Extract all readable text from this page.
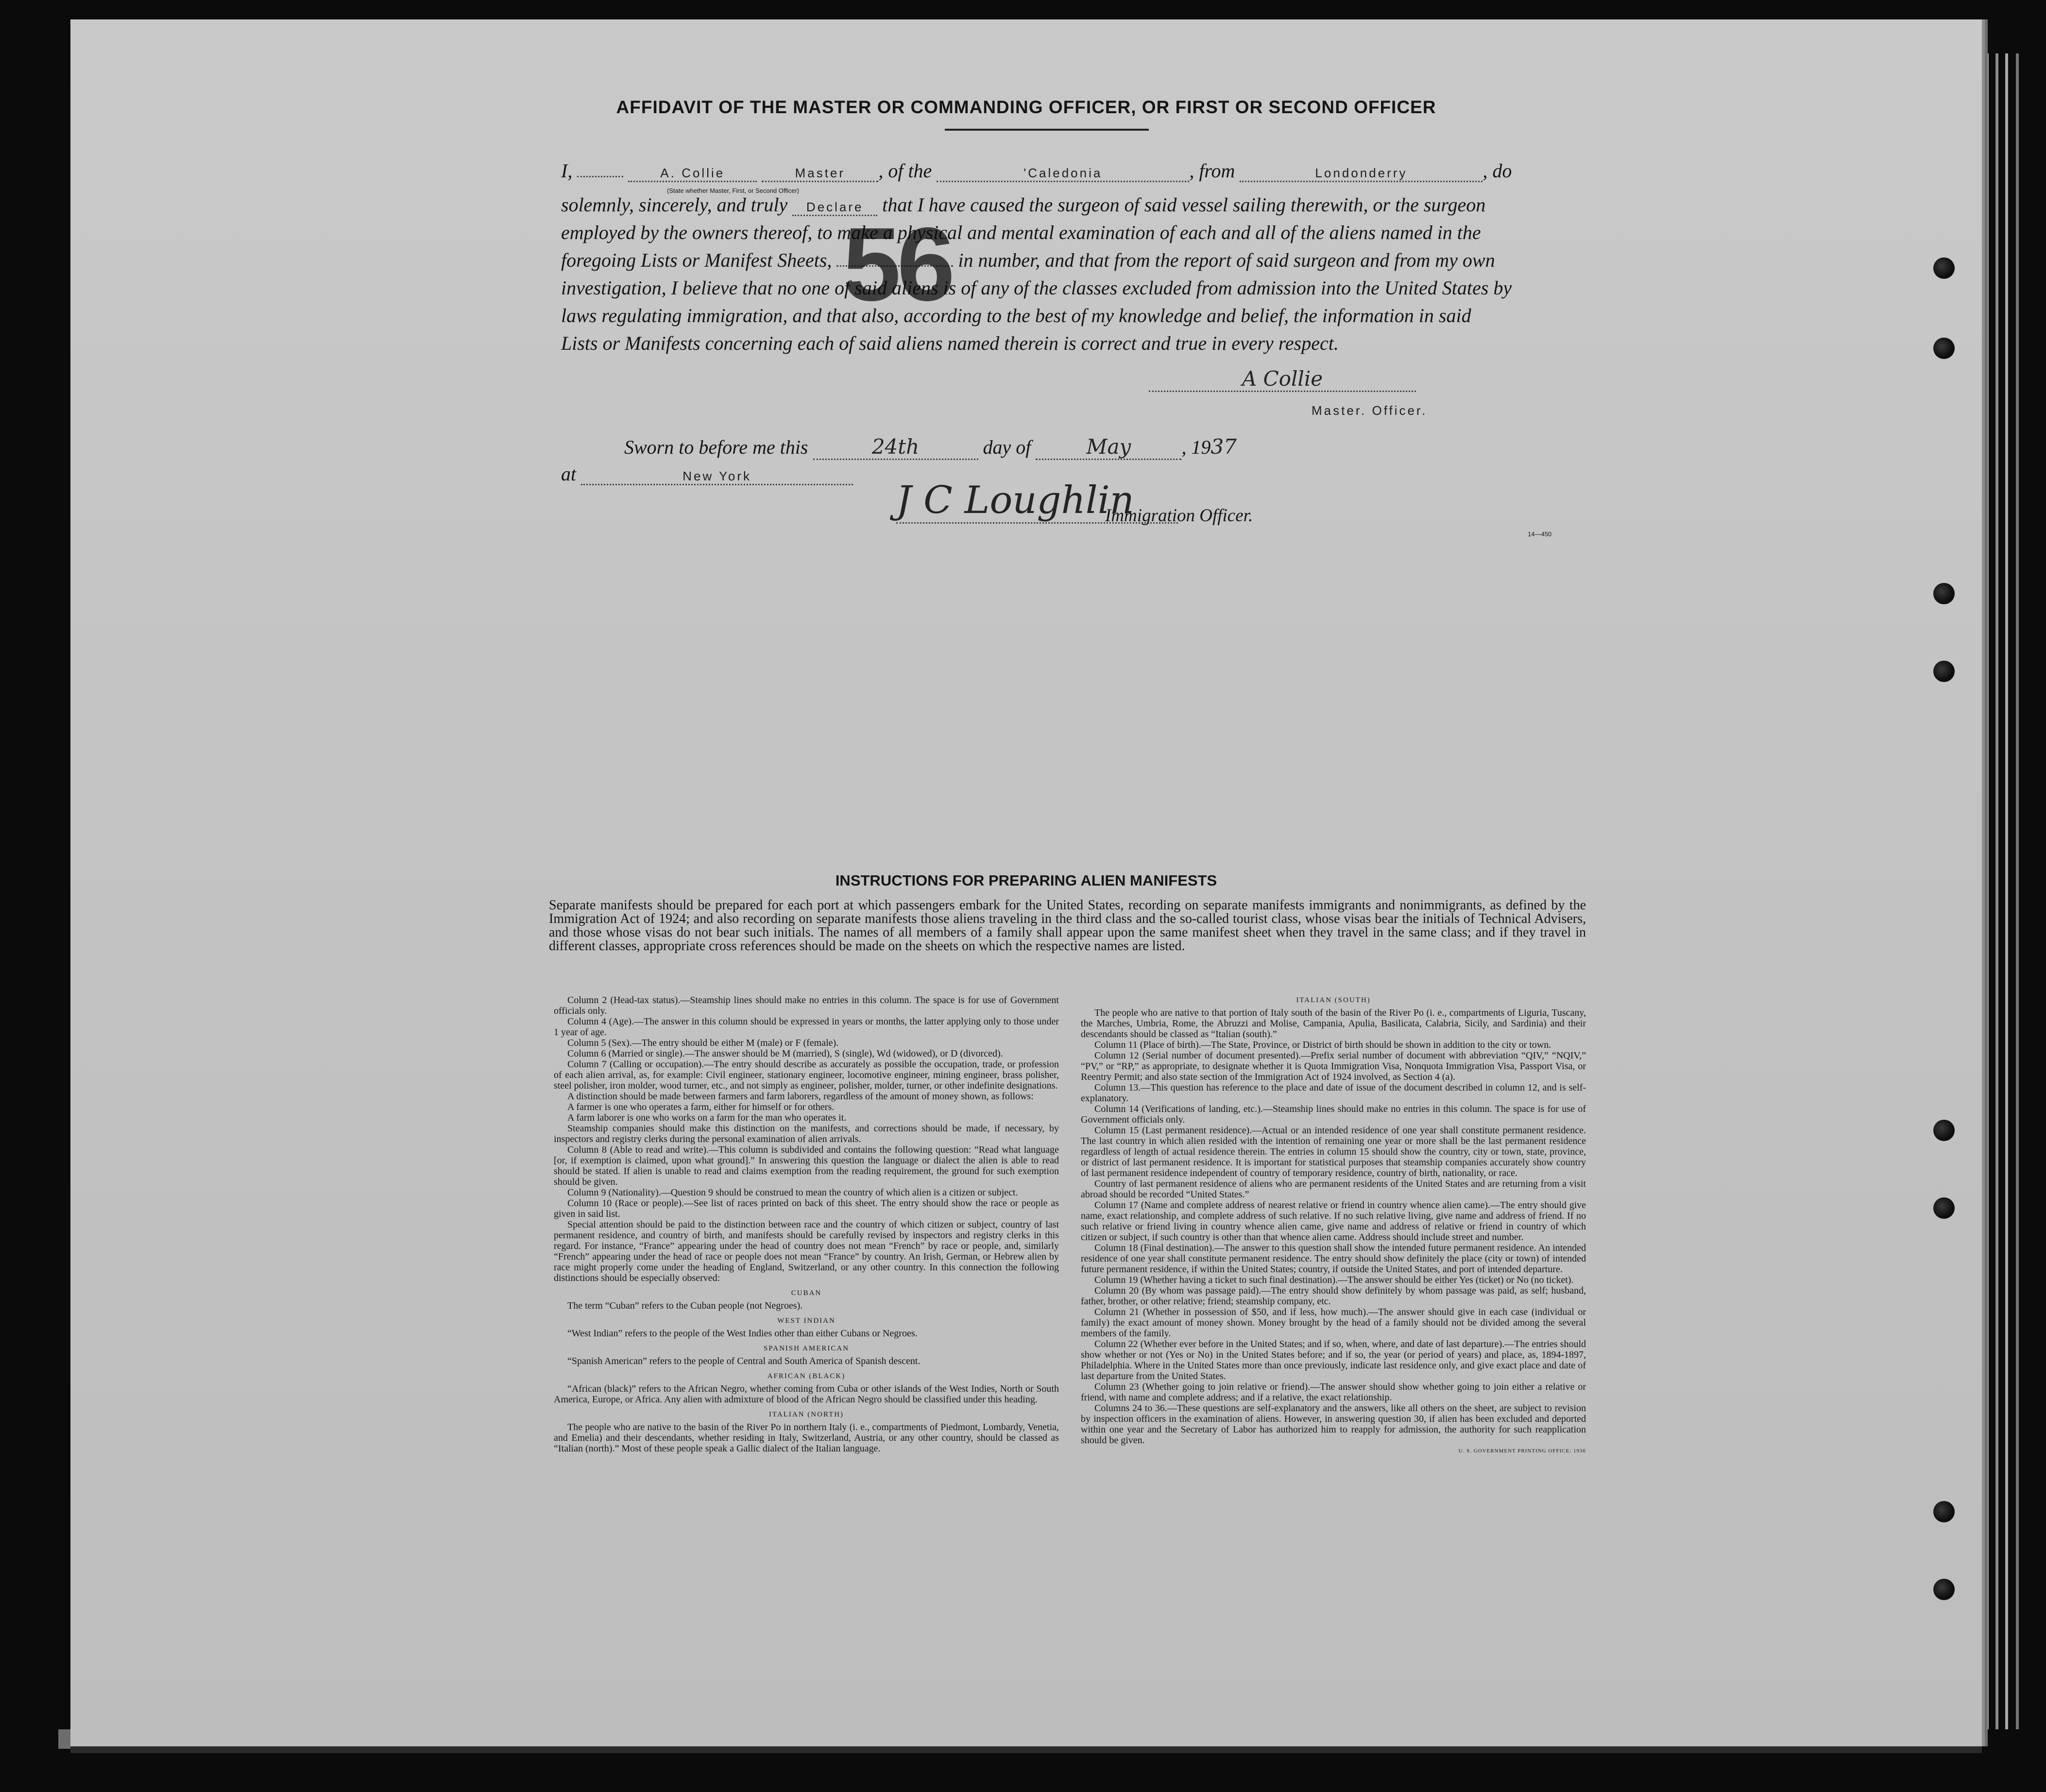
AFFIDAVIT OF THE MASTER OR COMMANDING OFFICER, OR FIRST OR SECOND OFFICER
I,	A. Collie	Master , of the	'Caledonia	, from	Londonderry	, do
(State whether Master, First, or Second Officer)
solemnly, sincerely, and truly Declare that I have caused the surgeon of said vessel sailing therewith, or the surgeon
employed by the owners thereof, to make a physical and mental examination of each and all of the aliens named in the
foregoing Lists or Manifest Sheets,	in number, and that from the report of said surgeon and from my own
investigation, I believe that no one of said aliens is of any of the classes excluded from admission into the United States by
laws regulating immigration, and that also, according to the best of my knowledge and belief, the information in said
Lists or Manifests concerning each of said aliens named therein is correct and true in every respect.
56
A Collie
Master. Officer.
Sworn to before me this	24th	day of	May	, 1937
at	New York
J C Loughlin
Immigration Officer.
14—450
INSTRUCTIONS FOR PREPARING ALIEN MANIFESTS
Separate manifests should be prepared for each port at which passengers embark for the United States, recording on separate manifests immigrants and nonimmigrants, as defined by the Immigration Act of 1924; and also recording on separate manifests those aliens traveling in the third class and the so-called tourist class, whose visas bear the initials of Technical Advisers, and those whose visas do not bear such initials. The names of all members of a family shall appear upon the same manifest sheet when they travel in the same class; and if they travel in different classes, appropriate cross references should be made on the sheets on which the respective names are listed.

Column 2 (Head-tax status).—Steamship lines should make no entries in this column. The space is for use of Government officials only.

Column 4 (Age).—The answer in this column should be expressed in years or months, the latter applying only to those under 1 year of age.

Column 5 (Sex).—The entry should be either M (male) or F (female).

Column 6 (Married or single).—The answer should be M (married), S (single), Wd (widowed), or D (divorced).

Column 7 (Calling or occupation).—The entry should describe as accurately as possible the occupation, trade, or profession of each alien arrival, as, for example: Civil engineer, stationary engineer, locomotive engineer, mining engineer, brass polisher, steel polisher, iron molder, wood turner, etc., and not simply as engineer, polisher, molder, turner, or other indefinite designations.

A distinction should be made between farmers and farm laborers, regardless of the amount of money shown, as follows:

A farmer is one who operates a farm, either for himself or for others.

A farm laborer is one who works on a farm for the man who operates it.

Steamship companies should make this distinction on the manifests, and corrections should be made, if necessary, by inspectors and registry clerks during the personal examination of alien arrivals.

Column 8 (Able to read and write).—This column is subdivided and contains the following question: “Read what language [or, if exemption is claimed, upon what ground].” In answering this question the language or dialect the alien is able to read should be stated. If alien is unable to read and claims exemption from the reading requirement, the ground for such exemption should be given.

Column 9 (Nationality).—Question 9 should be construed to mean the country of which alien is a citizen or subject.

Column 10 (Race or people).—See list of races printed on back of this sheet. The entry should show the race or people as given in said list.

Special attention should be paid to the distinction between race and the country of which citizen or subject, country of last permanent residence, and country of birth, and manifests should be carefully revised by inspectors and registry clerks in this regard. For instance, “France” appearing under the head of country does not mean “French” by race or people, and, similarly “French” appearing under the head of race or people does not mean “France” by country. An Irish, German, or Hebrew alien by race might properly come under the heading of England, Switzerland, or any other country. In this connection the following distinctions should be especially observed:

CUBAN

The term “Cuban” refers to the Cuban people (not Negroes).

WEST INDIAN

“West Indian” refers to the people of the West Indies other than either Cubans or Negroes.

SPANISH AMERICAN

“Spanish American” refers to the people of Central and South America of Spanish descent.

AFRICAN (BLACK)

“African (black)” refers to the African Negro, whether coming from Cuba or other islands of the West Indies, North or South America, Europe, or Africa. Any alien with admixture of blood of the African Negro should be classified under this heading.

ITALIAN (NORTH)

The people who are native to the basin of the River Po in northern Italy (i. e., compartments of Piedmont, Lombardy, Venetia, and Emelia) and their descendants, whether residing in Italy, Switzerland, Austria, or any other country, should be classed as “Italian (north).” Most of these people speak a Gallic dialect of the Italian language.

ITALIAN (SOUTH)

The people who are native to that portion of Italy south of the basin of the River Po (i. e., compartments of Liguria, Tuscany, the Marches, Umbria, Rome, the Abruzzi and Molise, Campania, Apulia, Basilicata, Calabria, Sicily, and Sardinia) and their descendants should be classed as “Italian (south).”

Column 11 (Place of birth).—The State, Province, or District of birth should be shown in addition to the city or town.

Column 12 (Serial number of document presented).—Prefix serial number of document with abbreviation “QIV,” “NQIV,” “PV,” or “RP,” as appropriate, to designate whether it is Quota Immigration Visa, Nonquota Immigration Visa, Passport Visa, or Reentry Permit; and also state section of the Immigration Act of 1924 involved, as Section 4 (a).

Column 13.—This question has reference to the place and date of issue of the document described in column 12, and is self-explanatory.

Column 14 (Verifications of landing, etc.).—Steamship lines should make no entries in this column. The space is for use of Government officials only.

Column 15 (Last permanent residence).—Actual or an intended residence of one year shall constitute permanent residence. The last country in which alien resided with the intention of remaining one year or more shall be the last permanent residence regardless of length of actual residence therein. The entries in column 15 should show the country, city or town, state, province, or district of last permanent residence. It is important for statistical purposes that steamship companies accurately show country of last permanent residence independent of country of temporary residence, country of birth, nationality, or race.

Country of last permanent residence of aliens who are permanent residents of the United States and are returning from a visit abroad should be recorded “United States.”

Column 17 (Name and complete address of nearest relative or friend in country whence alien came).—The entry should give name, exact relationship, and complete address of such relative. If no such relative living, give name and address of friend. If no such relative or friend living in country whence alien came, give name and address of relative or friend in country of which citizen or subject, if such country is other than that whence alien came. Address should include street and number.

Column 18 (Final destination).—The answer to this question shall show the intended future permanent residence. An intended residence of one year shall constitute permanent residence. The entry should show definitely the place (city or town) of intended future permanent residence, if within the United States; country, if outside the United States, and port of intended departure.

Column 19 (Whether having a ticket to such final destination).—The answer should be either Yes (ticket) or No (no ticket).

Column 20 (By whom was passage paid).—The entry should show definitely by whom passage was paid, as self; husband, father, brother, or other relative; friend; steamship company, etc.

Column 21 (Whether in possession of $50, and if less, how much).—The answer should give in each case (individual or family) the exact amount of money shown. Money brought by the head of a family should not be divided among the several members of the family.

Column 22 (Whether ever before in the United States; and if so, when, where, and date of last departure).—The entries should show whether or not (Yes or No) in the United States before; and if so, the year (or period of years) and place, as, 1894-1897, Philadelphia. Where in the United States more than once previously, indicate last residence only, and give exact place and date of last departure from the United States.

Column 23 (Whether going to join relative or friend).—The answer should show whether going to join either a relative or friend, with name and complete address; and if a relative, the exact relationship.

Columns 24 to 36.—These questions are self-explanatory and the answers, like all others on the sheet, are subject to revision by inspection officers in the examination of aliens. However, in answering question 30, if alien has been excluded and deported within one year and the Secretary of Labor has authorized him to reapply for admission, the authority for such reapplication should be given.

U. S. GOVERNMENT PRINTING OFFICE: 1936
